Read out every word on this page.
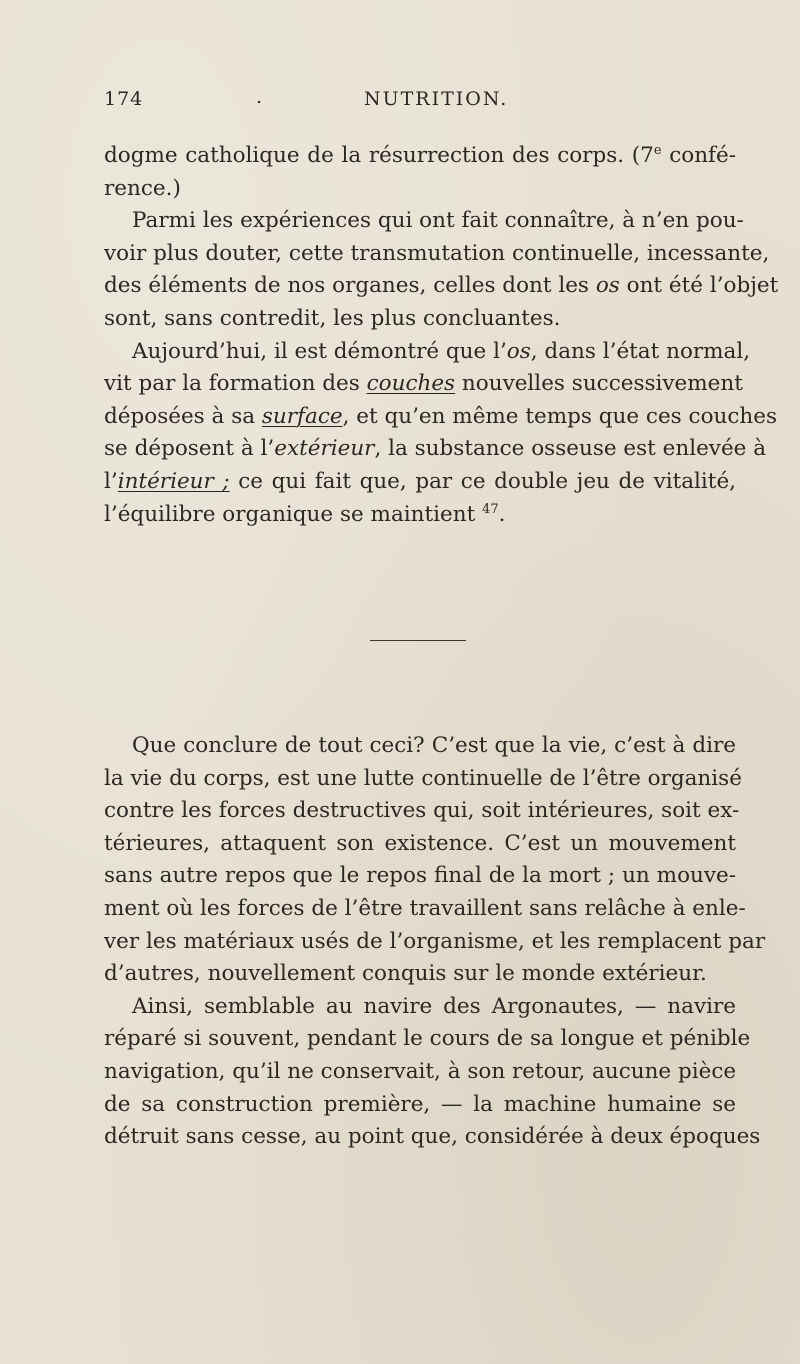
174	.	NUTRITION.
dogme catholique de la résurrection des corps. (7e confé-
rence.)
Parmi les expériences qui ont fait connaître, à n’en pou-
voir plus douter, cette transmutation continuelle, incessante,
des éléments de nos organes, celles dont les os ont été l’objet
sont, sans contredit, les plus concluantes.
Aujourd’hui, il est démontré que l’os, dans l’état normal,
vit par la formation des couches nouvelles successivement
déposées à sa surface, et qu’en même temps que ces couches
se déposent à l’extérieur, la substance osseuse est enlevée à
l’intérieur ; ce qui fait que, par ce double jeu de vitalité,
l’équilibre organique se maintient $^{47}$.
Que conclure de tout ceci? C’est que la vie, c’est à dire
la vie du corps, est une lutte continuelle de l’être organisé
contre les forces destructives qui, soit intérieures, soit ex-
térieures, attaquent son existence. C’est un mouvement
sans autre repos que le repos final de la mort ; un mouve-
ment où les forces de l’être travaillent sans relâche à enle-
ver les matériaux usés de l’organisme, et les remplacent par
d’autres, nouvellement conquis sur le monde extérieur.
Ainsi, semblable au navire des Argonautes, — navire
réparé si souvent, pendant le cours de sa longue et pénible
navigation, qu’il ne conservait, à son retour, aucune pièce
de sa construction première, — la machine humaine se
détruit sans cesse, au point que, considérée à deux époques
